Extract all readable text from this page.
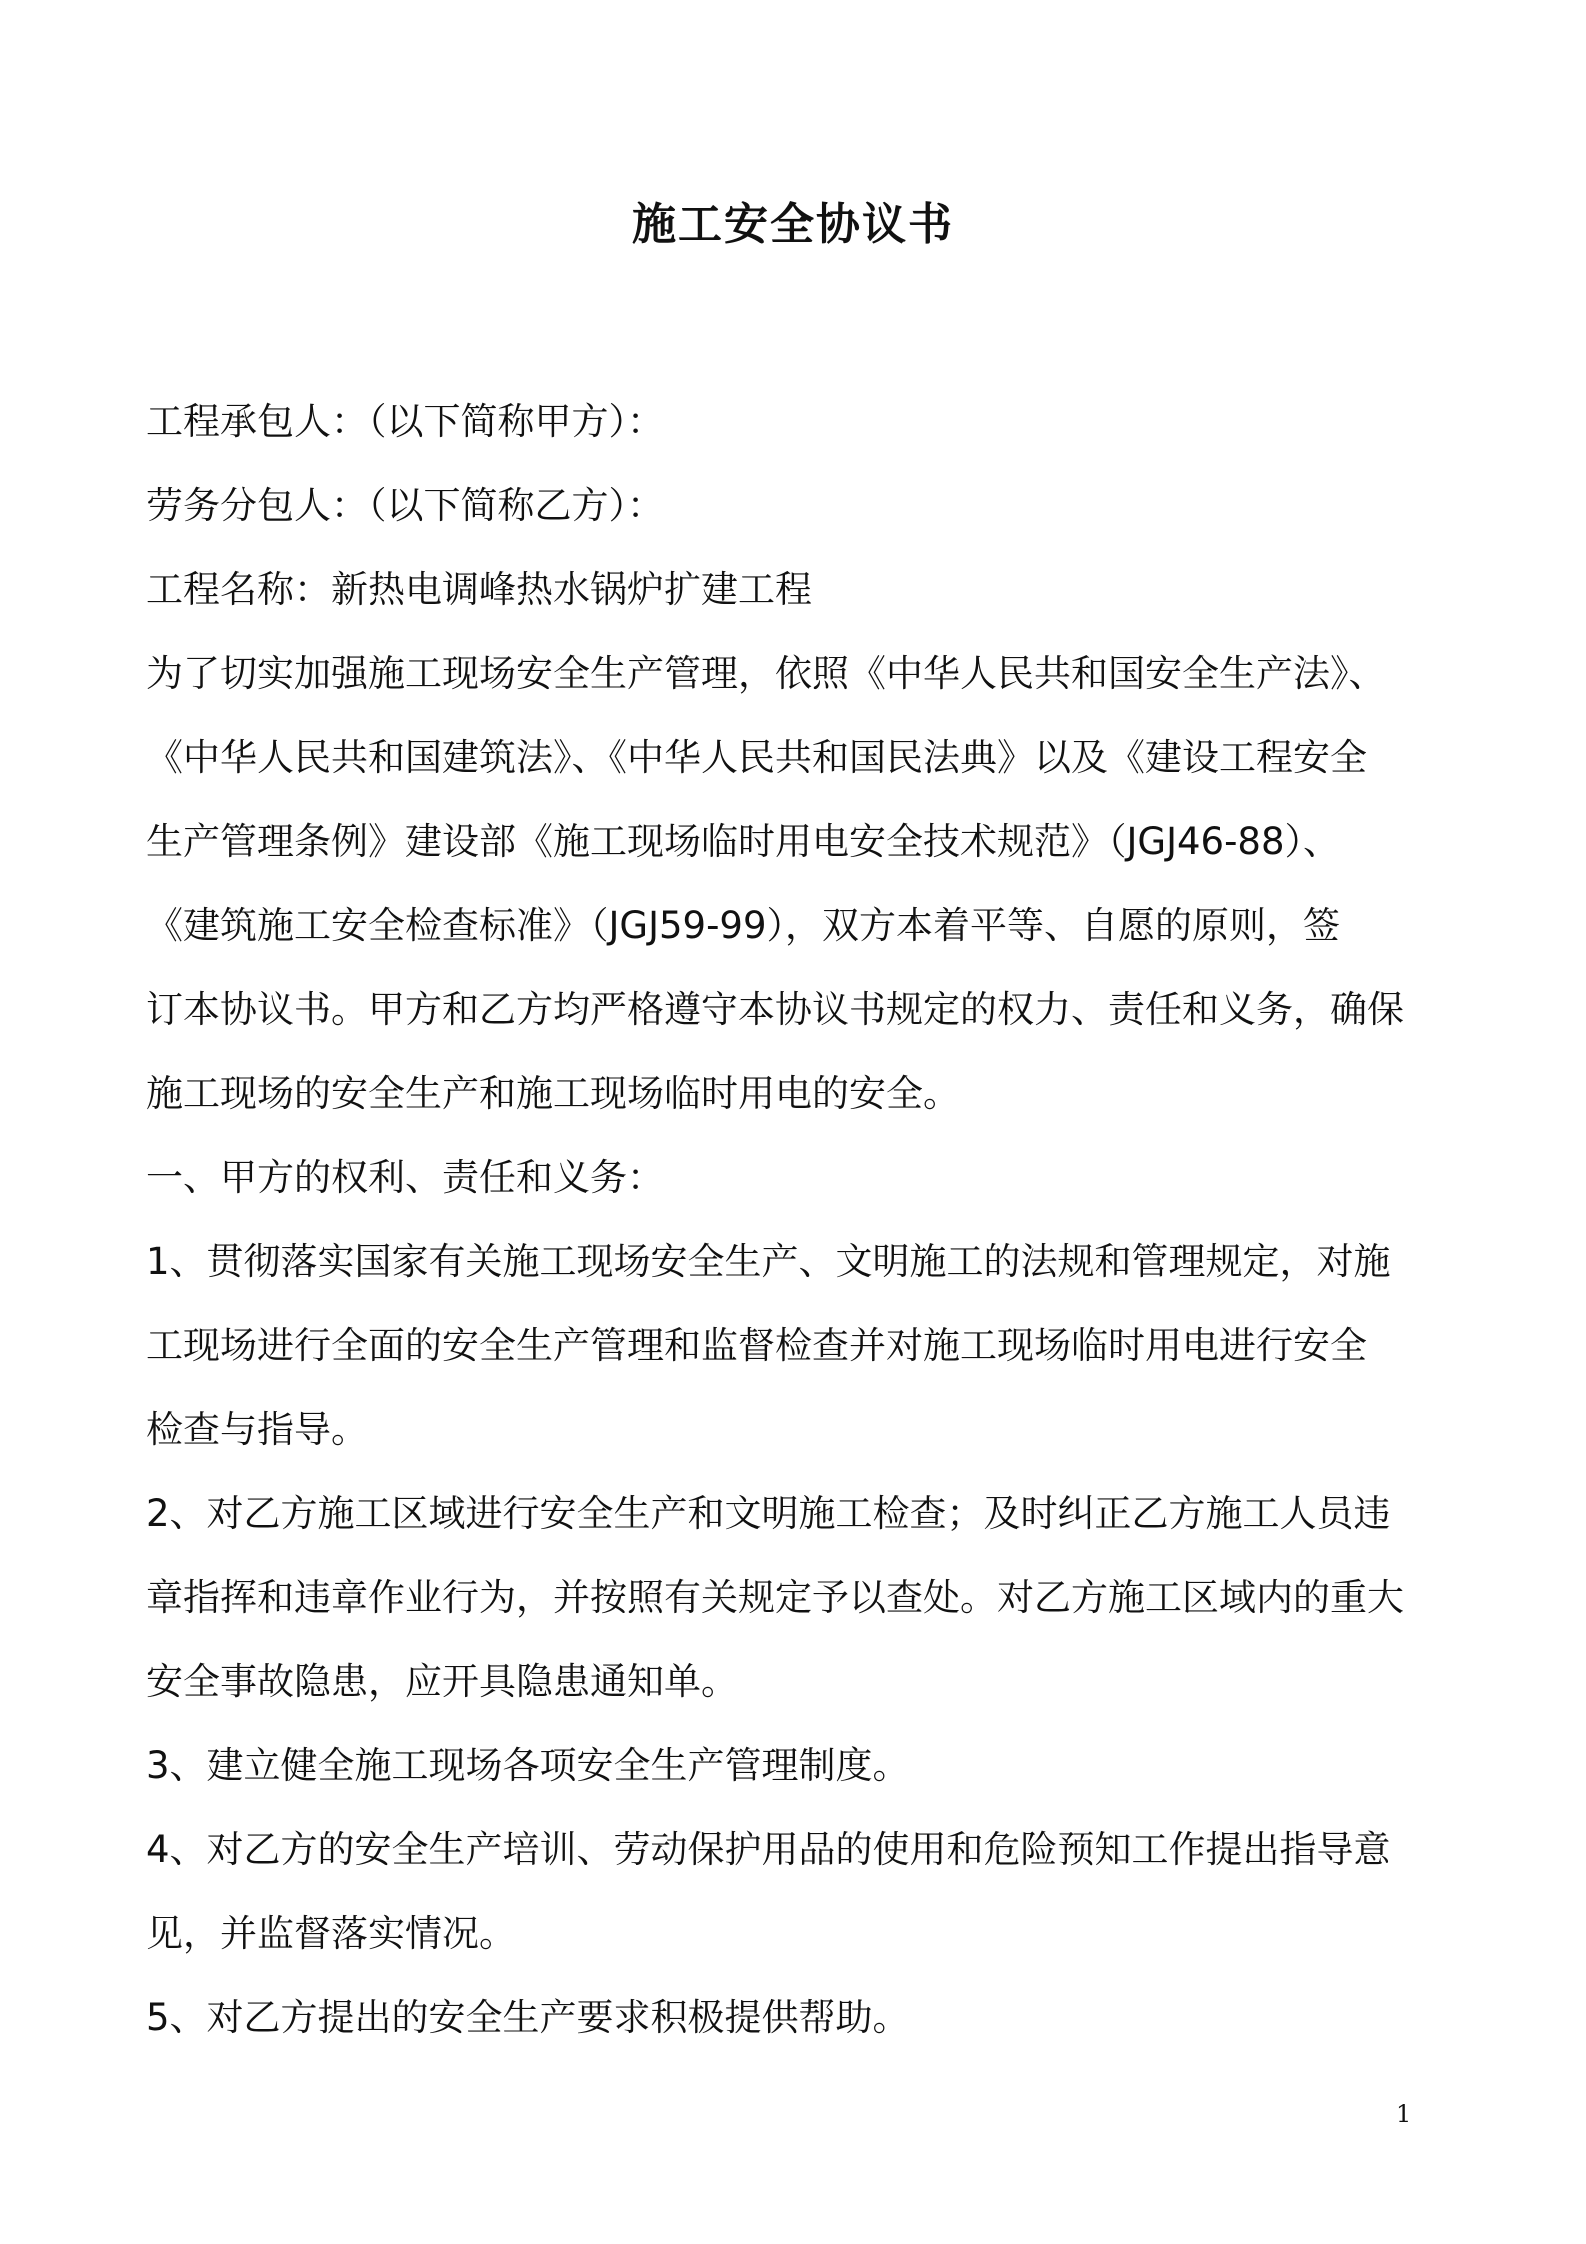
施工安全协议书
工程承包人：（以下简称甲方）：
劳务分包人：（以下简称乙方）：
工程名称：新热电调峰热水锅炉扩建工程
为了切实加强施工现场安全生产管理，依照《中华人民共和国安全生产法》、
《中华人民共和国建筑法》、《中华人民共和国民法典》以及《建设工程安全
生产管理条例》建设部《施工现场临时用电安全技术规范》（JGJ46-88）、
《建筑施工安全检查标准》（JGJ59-99），双方本着平等、自愿的原则，签
订本协议书。甲方和乙方均严格遵守本协议书规定的权力、责任和义务，确保
施工现场的安全生产和施工现场临时用电的安全。
一、甲方的权利、责任和义务：
1、贯彻落实国家有关施工现场安全生产、文明施工的法规和管理规定，对施
工现场进行全面的安全生产管理和监督检查并对施工现场临时用电进行安全
检查与指导。
2、对乙方施工区域进行安全生产和文明施工检查；及时纠正乙方施工人员违
章指挥和违章作业行为，并按照有关规定予以查处。对乙方施工区域内的重大
安全事故隐患，应开具隐患通知单。
3、建立健全施工现场各项安全生产管理制度。
4、对乙方的安全生产培训、劳动保护用品的使用和危险预知工作提出指导意
见，并监督落实情况。
5、对乙方提出的安全生产要求积极提供帮助。
1
